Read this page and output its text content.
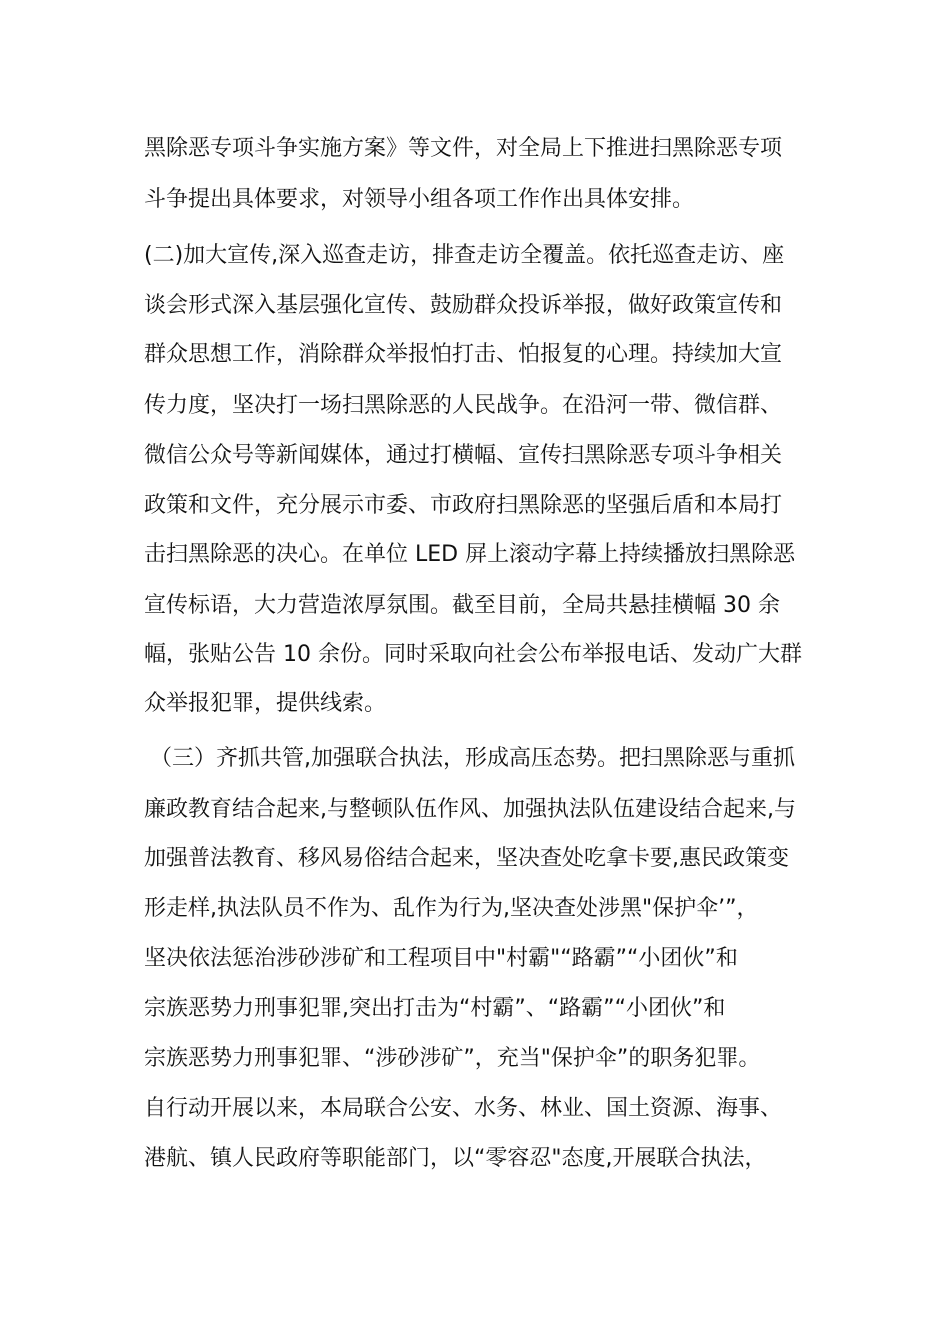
黑除恶专项斗争实施方案》等文件，对全局上下推进扫黑除恶专项
斗争提出具体要求，对领导小组各项工作作出具体安排。
(二)加大宣传,深入巡查走访，排查走访全覆盖。依托巡查走访、座
谈会形式深入基层强化宣传、鼓励群众投诉举报，做好政策宣传和
群众思想工作，消除群众举报怕打击、怕报复的心理。持续加大宣
传力度，坚决打一场扫黑除恶的人民战争。在沿河一带、微信群、
微信公众号等新闻媒体，通过打横幅、宣传扫黑除恶专项斗争相关
政策和文件，充分展示市委、市政府扫黑除恶的坚强后盾和本局打
击扫黑除恶的决心。在单位 LED 屏上滚动字幕上持续播放扫黑除恶
宣传标语，大力营造浓厚氛围。截至目前，全局共悬挂横幅 30 余
幅，张贴公告 10 余份。同时采取向社会公布举报电话、发动广大群
众举报犯罪，提供线索。
（三）齐抓共管,加强联合执法，形成高压态势。把扫黑除恶与重抓
廉政教育结合起来,与整顿队伍作风、加强执法队伍建设结合起来,与
加强普法教育、移风易俗结合起来，坚决查处吃拿卡要,惠民政策变
形走样,执法队员不作为、乱作为行为,坚决查处涉黑"保护伞’”，
坚决依法惩治涉砂涉矿和工程项目中"村霸"“路霸”“小团伙”和
宗族恶势力刑事犯罪,突出打击为“村霸”、“路霸”“小团伙”和
宗族恶势力刑事犯罪、“涉砂涉矿”，充当"保护伞”的职务犯罪。
自行动开展以来，本局联合公安、水务、林业、国土资源、海事、
港航、镇人民政府等职能部门，以“零容忍"态度,开展联合执法，
